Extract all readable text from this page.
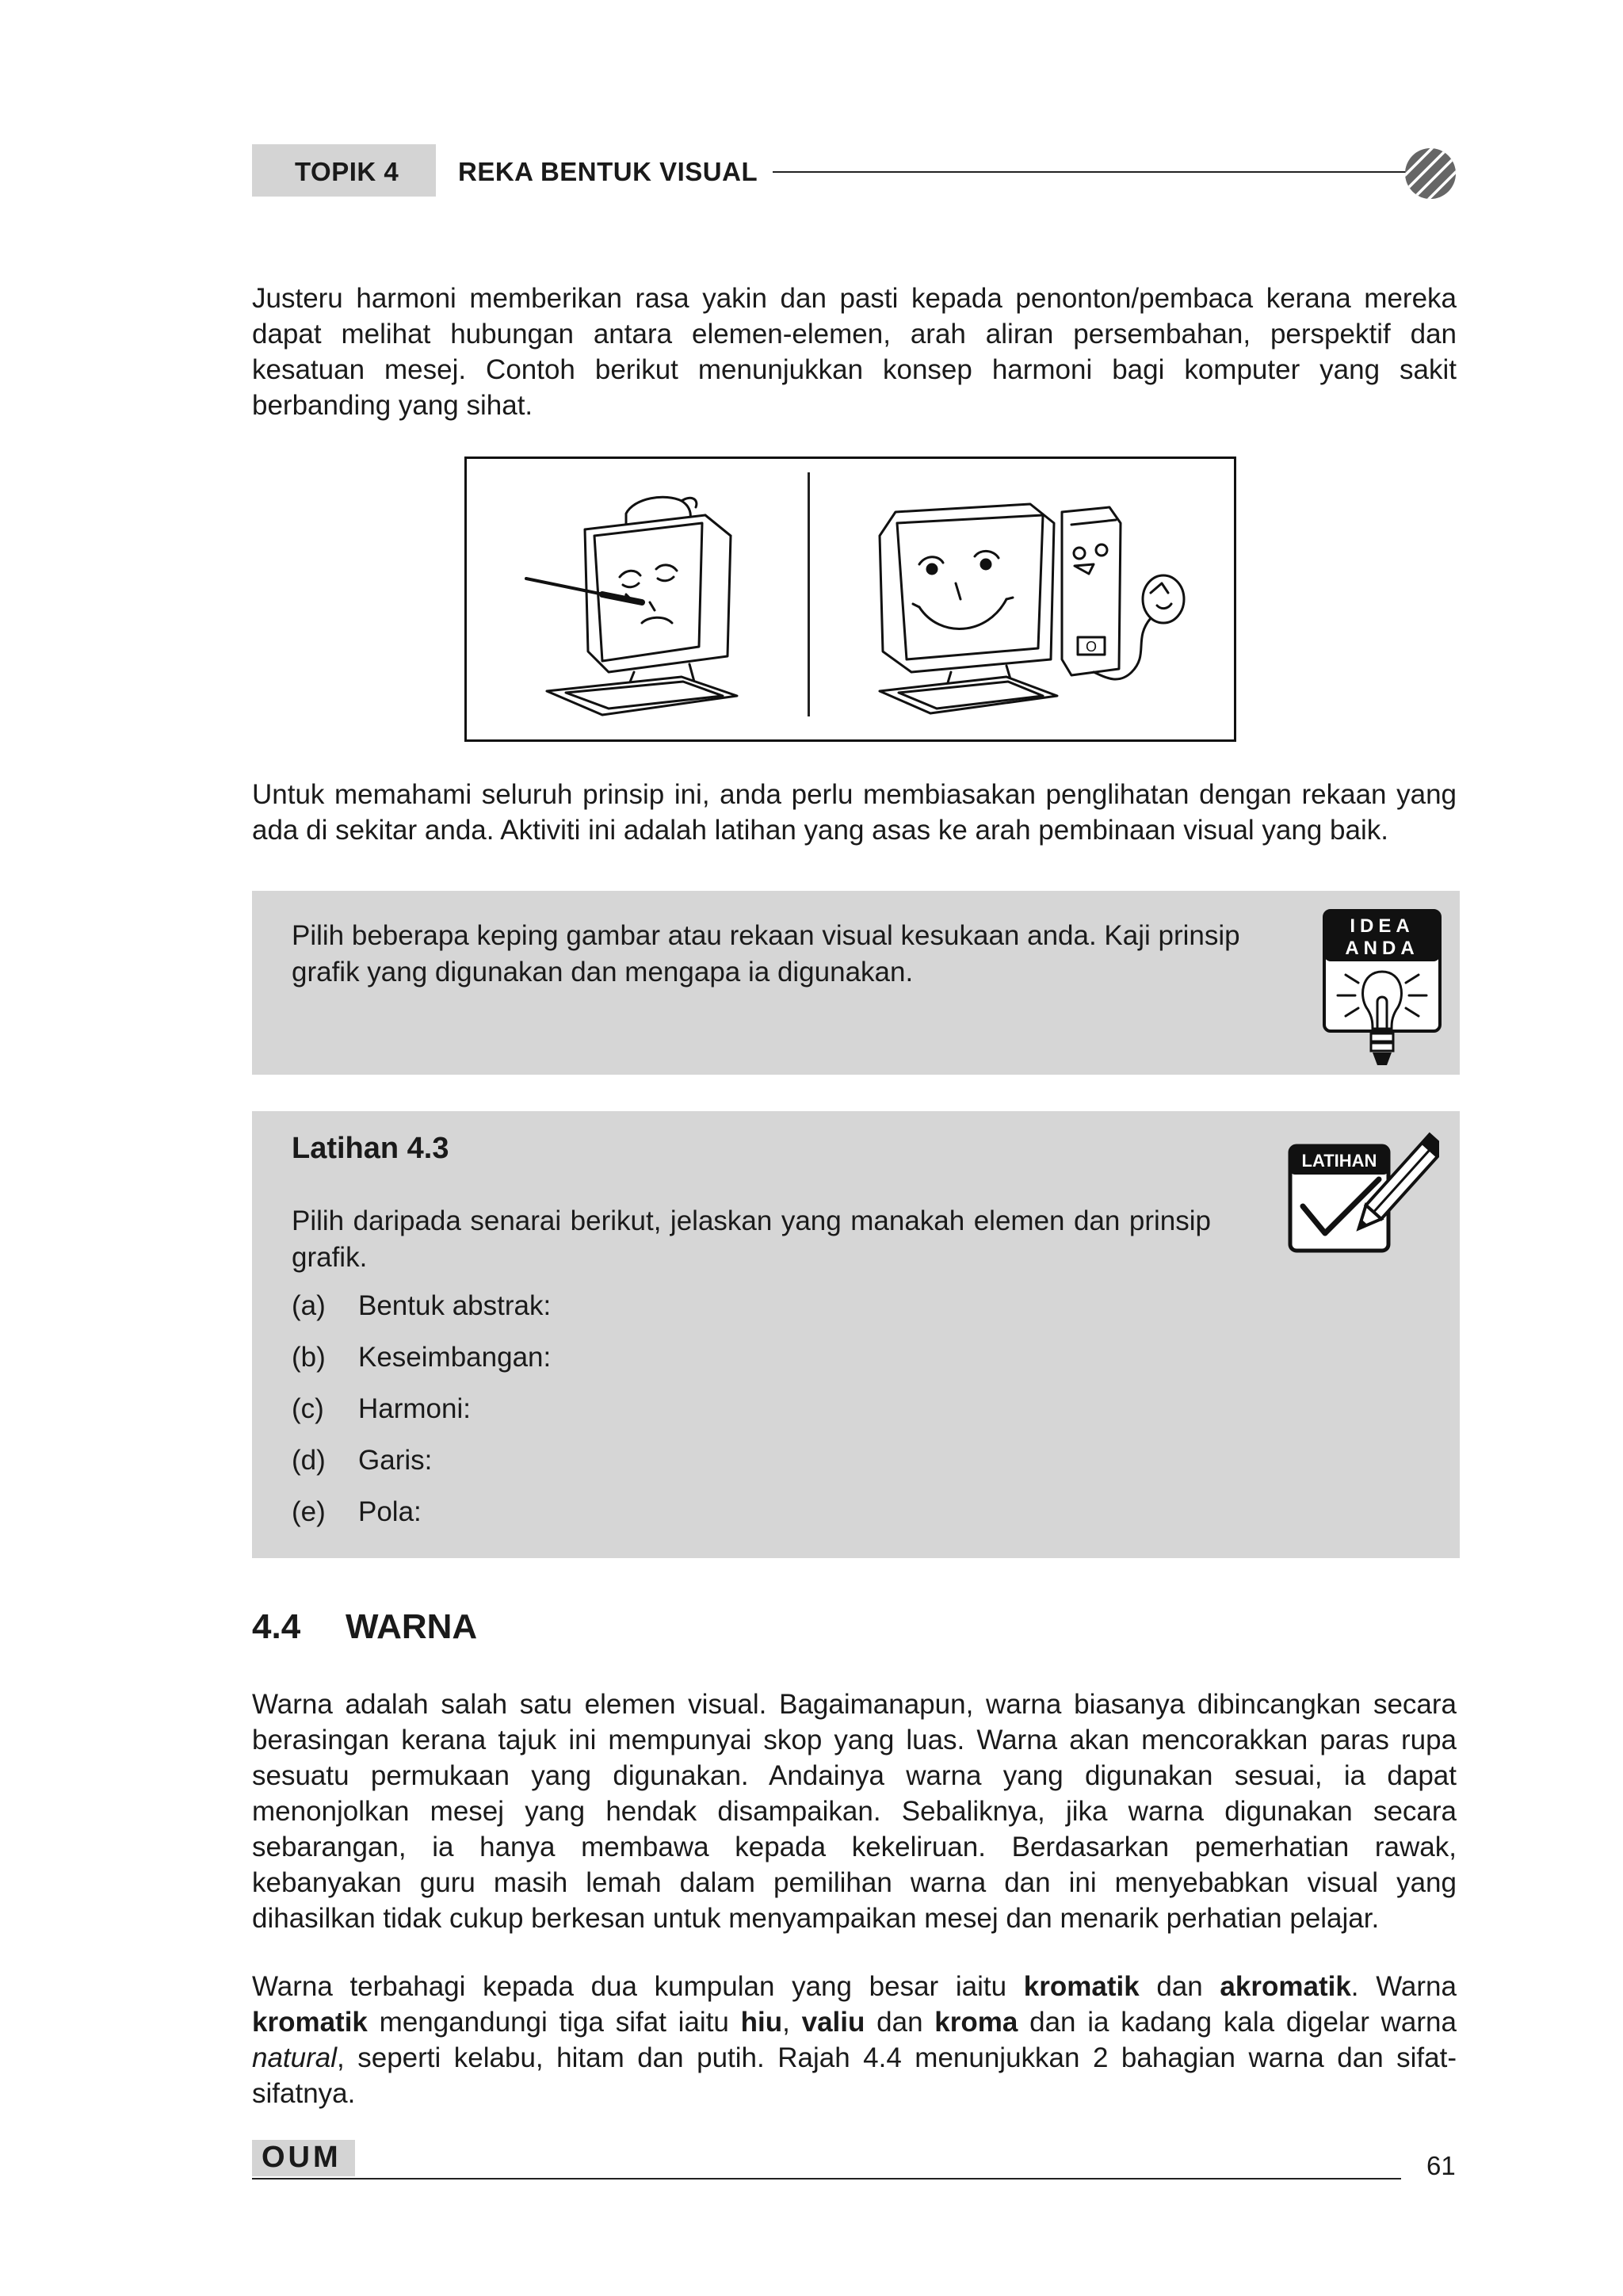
TOPIK 4 REKA BENTUK VISUAL

Justeru harmoni memberikan rasa yakin dan pasti kepada penonton/pembaca kerana mereka dapat melihat hubungan antara elemen-elemen, arah aliran persembahan, perspektif dan kesatuan mesej. Contoh berikut menunjukkan konsep harmoni bagi komputer yang sakit berbanding yang sihat.

O

Untuk memahami seluruh prinsip ini, anda perlu membiasakan penglihatan dengan rekaan yang ada di sekitar anda. Aktiviti ini adalah latihan yang asas ke arah pembinaan visual yang baik.

Pilih beberapa keping gambar atau rekaan visual kesukaan anda. Kaji prinsip grafik yang digunakan dan mengapa ia digunakan.
IDEA
ANDA
Latihan 4.3	LATIHAN
Pilih daripada senarai berikut, jelaskan yang manakah elemen dan prinsip grafik.
(a) Bentuk abstrak:
(b) Keseimbangan:
(c) Harmoni:
(d) Garis:
(e) Pola:
4.4 WARNA

Warna adalah salah satu elemen visual. Bagaimanapun, warna biasanya dibincangkan secara berasingan kerana tajuk ini mempunyai skop yang luas. Warna akan mencorakkan paras rupa sesuatu permukaan yang digunakan. Andainya warna yang digunakan sesuai, ia dapat menonjolkan mesej yang hendak disampaikan. Sebaliknya, jika warna digunakan secara sebarangan, ia hanya membawa kepada kekeliruan. Berdasarkan pemerhatian rawak, kebanyakan guru masih lemah dalam pemilihan warna dan ini menyebabkan visual yang dihasilkan tidak cukup berkesan untuk menyampaikan mesej dan menarik perhatian pelajar.

Warna terbahagi kepada dua kumpulan yang besar iaitu kromatik dan akromatik. Warna kromatik mengandungi tiga sifat iaitu hiu, valiu dan kroma dan ia kadang kala digelar warna natural, seperti kelabu, hitam dan putih. Rajah 4.4 menunjukkan 2 bahagian warna dan sifat-sifatnya.

OUM	61
